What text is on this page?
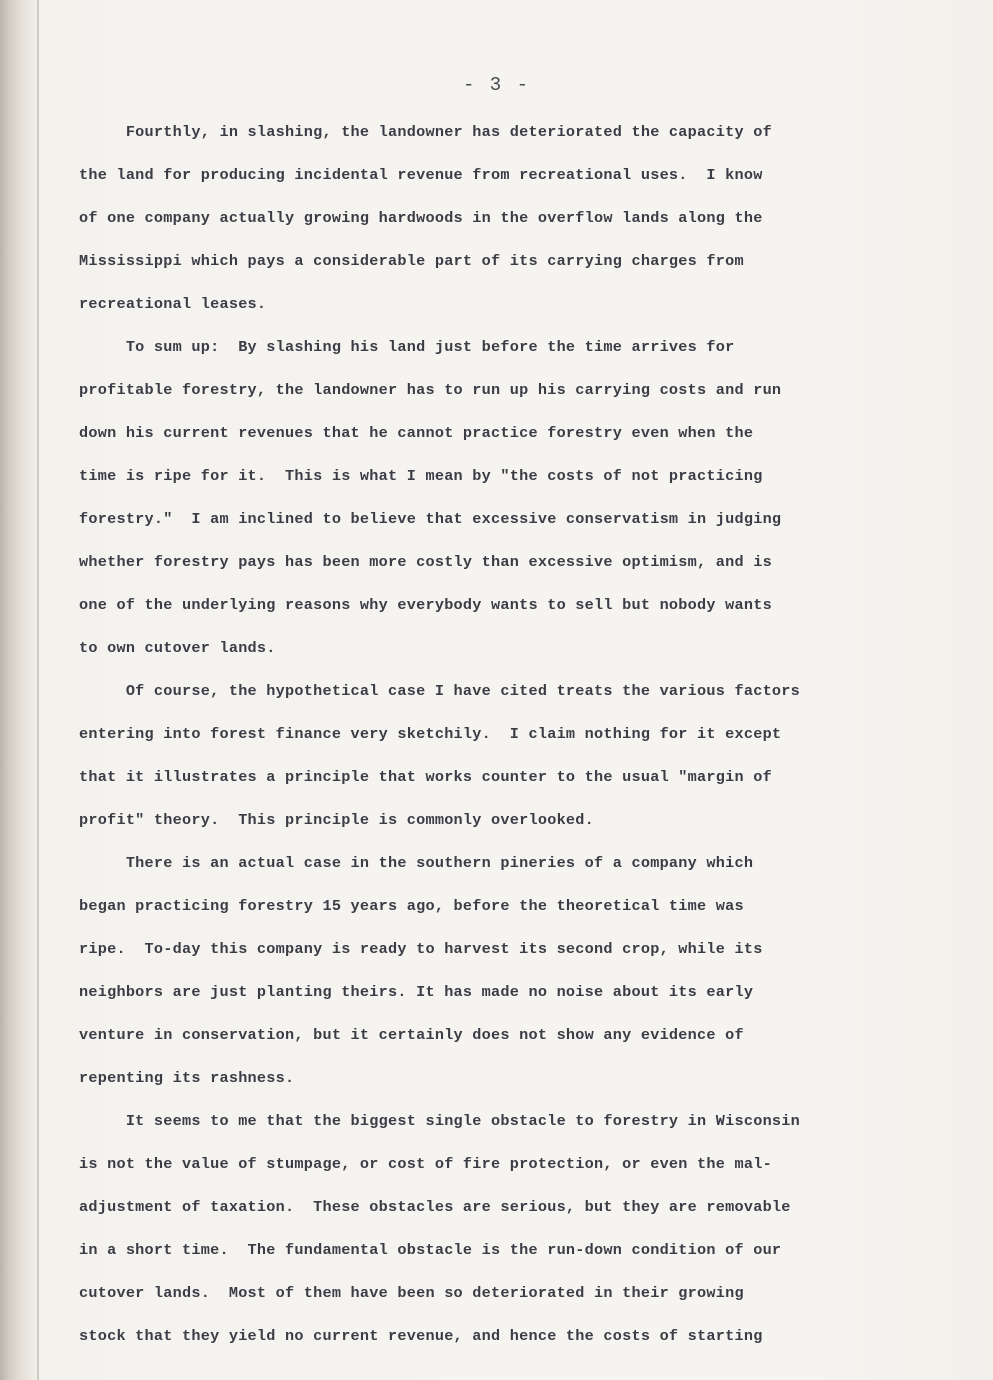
- 3 -
Fourthly, in slashing, the landowner has deteriorated the capacity of
the land for producing incidental revenue from recreational uses.  I know
of one company actually growing hardwoods in the overflow lands along the
Mississippi which pays a considerable part of its carrying charges from
recreational leases.
To sum up:  By slashing his land just before the time arrives for
profitable forestry, the landowner has to run up his carrying costs and run
down his current revenues that he cannot practice forestry even when the
time is ripe for it.  This is what I mean by "the costs of not practicing
forestry."  I am inclined to believe that excessive conservatism in judging
whether forestry pays has been more costly than excessive optimism, and is
one of the underlying reasons why everybody wants to sell but nobody wants
to own cutover lands.
Of course, the hypothetical case I have cited treats the various factors
entering into forest finance very sketchily.  I claim nothing for it except
that it illustrates a principle that works counter to the usual "margin of
profit" theory.  This principle is commonly overlooked.
There is an actual case in the southern pineries of a company which
began practicing forestry 15 years ago, before the theoretical time was
ripe.  To-day this company is ready to harvest its second crop, while its
neighbors are just planting theirs. It has made no noise about its early
venture in conservation, but it certainly does not show any evidence of
repenting its rashness.
It seems to me that the biggest single obstacle to forestry in Wisconsin
is not the value of stumpage, or cost of fire protection, or even the mal-
adjustment of taxation.  These obstacles are serious, but they are removable
in a short time.  The fundamental obstacle is the run-down condition of our
cutover lands.  Most of them have been so deteriorated in their growing
stock that they yield no current revenue, and hence the costs of starting
